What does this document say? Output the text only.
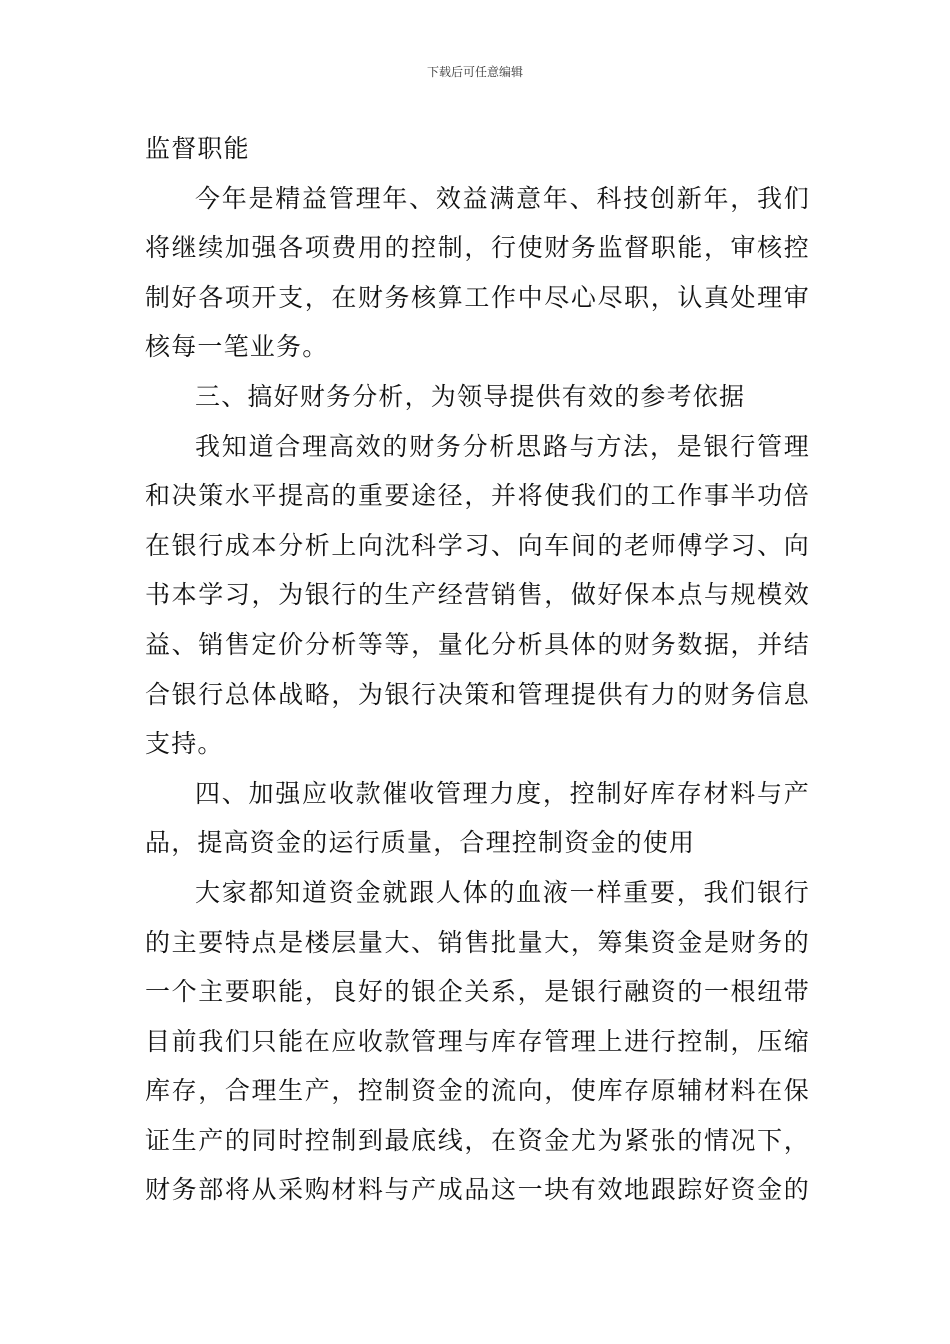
下载后可任意编辑
监督职能
今年是精益管理年、效益满意年、科技创新年，我们
将继续加强各项费用的控制，行使财务监督职能，审核控
制好各项开支，在财务核算工作中尽心尽职，认真处理审
核每一笔业务。
三、搞好财务分析，为领导提供有效的参考依据
我知道合理高效的财务分析思路与方法，是银行管理
和决策水平提高的重要途径，并将使我们的工作事半功倍
在银行成本分析上向沈科学习、向车间的老师傅学习、向
书本学习，为银行的生产经营销售，做好保本点与规模效
益、销售定价分析等等，量化分析具体的财务数据，并结
合银行总体战略，为银行决策和管理提供有力的财务信息
支持。
四、加强应收款催收管理力度，控制好库存材料与产
品，提高资金的运行质量，合理控制资金的使用
大家都知道资金就跟人体的血液一样重要，我们银行
的主要特点是楼层量大、销售批量大，筹集资金是财务的
一个主要职能，良好的银企关系，是银行融资的一根纽带
目前我们只能在应收款管理与库存管理上进行控制，压缩
库存，合理生产，控制资金的流向，使库存原辅材料在保
证生产的同时控制到最底线，在资金尤为紧张的情况下，
财务部将从采购材料与产成品这一块有效地跟踪好资金的
